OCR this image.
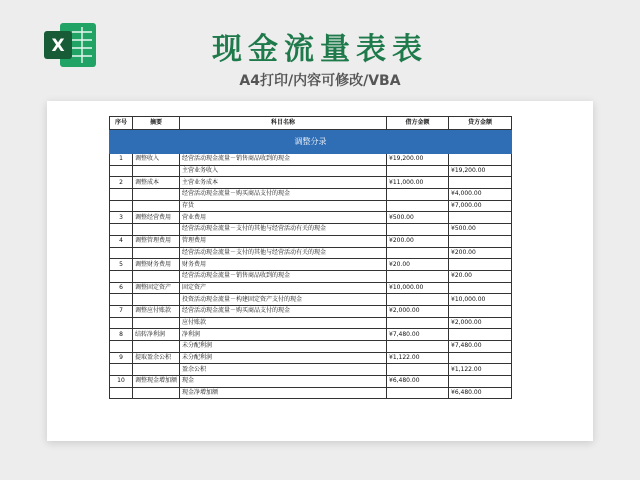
X	现金流量表表
A4打印/内容可修改/VBA
调整分录				
序号	摘要	科目名称	借方金额	贷方金额
1	调整收入	经营活动现金流量－销售商品收到的现金	¥19,200.00	
		主营业务收入		¥19,200.00
2	调整成本	主营业务成本	¥11,000.00	
		经营活动现金流量－购买商品支付的现金		¥4,000.00
		存货		¥7,000.00
3	调整经营费用	营业费用	¥500.00	
		经营活动现金流量－支付的其他与经营活动有关的现金		¥500.00
4	调整管理费用	管理费用	¥200.00	
		经营活动现金流量－支付的其他与经营活动有关的现金		¥200.00
5	调整财务费用	财务费用	¥20.00	
		经营活动现金流量－销售商品收到的现金		¥20.00
6	调整固定资产	固定资产	¥10,000.00	
		投资活动现金流量－构建固定资产支付的现金		¥10,000.00
7	调整应付账款	经营活动现金流量－购买商品支付的现金	¥2,000.00	
		应付账款		¥2,000.00
8	结转净利润	净利润	¥7,480.00	
		未分配利润		¥7,480.00
9	提取盈余公积	未分配利润	¥1,122.00	
		盈余公积		¥1,122.00
10	调整现金增加额	现金	¥6,480.00	
		现金净增加额		¥6,480.00
